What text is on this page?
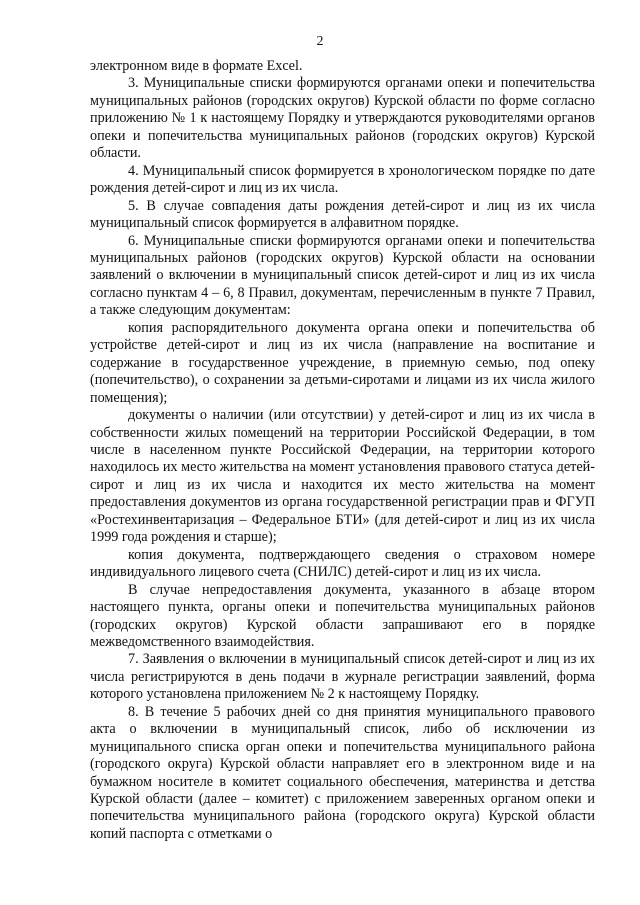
2

электронном виде в формате Excel.

3. Муниципальные списки формируются органами опеки и попечительства муниципальных районов (городских округов) Курской области по форме согласно приложению № 1 к настоящему Порядку и утверждаются руководителями органов опеки и попечительства муниципальных районов (городских округов) Курской области.

4. Муниципальный список формируется в хронологическом порядке по дате рождения детей-сирот и лиц из их числа.

5. В случае совпадения даты рождения детей-сирот и лиц из их числа муниципальный список формируется в алфавитном порядке.

6. Муниципальные списки формируются органами опеки и попечительства муниципальных районов (городских округов) Курской области на основании заявлений о включении в муниципальный список детей-сирот и лиц из их числа согласно пунктам 4 – 6, 8 Правил, документам, перечисленным в пункте 7 Правил, а также следующим документам:

копия распорядительного документа органа опеки и попечительства об устройстве детей-сирот и лиц из их числа (направление на воспитание и содержание в государственное учреждение, в приемную семью, под опеку (попечительство), о сохранении за детьми-сиротами и лицами из их числа жилого помещения);

документы о наличии (или отсутствии) у детей-сирот и лиц из их числа в собственности жилых помещений на территории Российской Федерации, в том числе в населенном пункте Российской Федерации, на территории которого находилось их место жительства на момент установления правового статуса детей-сирот и лиц из их числа и находится их место жительства на момент предоставления документов из органа государственной регистрации прав и ФГУП «Ростехинвентаризация – Федеральное БТИ» (для детей-сирот и лиц из их числа 1999 года рождения и старше);

копия документа, подтверждающего сведения о страховом номере индивидуального лицевого счета (СНИЛС) детей-сирот и лиц из их числа.

В случае непредоставления документа, указанного в абзаце втором настоящего пункта, органы опеки и попечительства муниципальных районов (городских округов) Курской области запрашивают его в порядке межведомственного взаимодействия.

7. Заявления о включении в муниципальный список детей-сирот и лиц из их числа регистрируются в день подачи в журнале регистрации заявлений, форма которого установлена приложением № 2 к настоящему Порядку.

8. В течение 5 рабочих дней со дня принятия муниципального правового акта о включении в муниципальный список, либо об исключении из муниципального списка орган опеки и попечительства муниципального района (городского округа) Курской области направляет его в электронном виде и на бумажном носителе в комитет социального обеспечения, материнства и детства Курской области (далее – комитет) с приложением заверенных органом опеки и попечительства муниципального района (городского округа) Курской области копий паспорта с отметками о
